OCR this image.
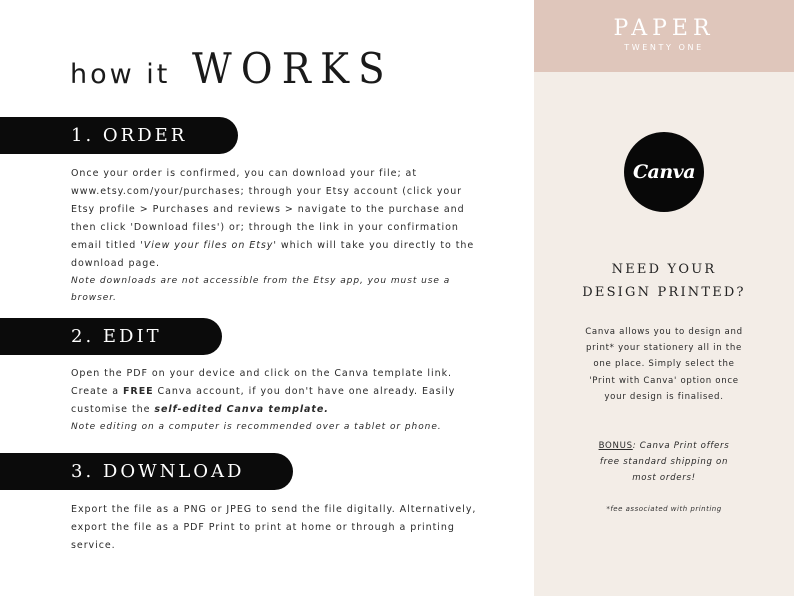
how it WORKS
1. ORDER

Once your order is confirmed, you can download your file; at www.etsy.com/your/purchases; through your Etsy account (click your Etsy profile > Purchases and reviews > navigate to the purchase and then click 'Download files') or; through the link in your confirmation email titled 'View your files on Etsy' which will take you directly to the download page.

Note downloads are not accessible from the Etsy app, you must use a browser.

2. EDIT

Open the PDF on your device and click on the Canva template link. Create a FREE Canva account, if you don't have one already. Easily customise the self-edited Canva template.

Note editing on a computer is recommended over a tablet or phone.

3. DOWNLOAD

Export the file as a PNG or JPEG to send the file digitally. Alternatively, export the file as a PDF Print to print at home or through a printing service.

PAPER
TWENTY ONE
Canva
NEED YOUR
DESIGN PRINTED?
Canva allows you to design and print* your stationery all in the one place. Simply select the 'Print with Canva' option once your design is finalised.
BONUS: Canva Print offers free standard shipping on most orders!
*fee associated with printing
